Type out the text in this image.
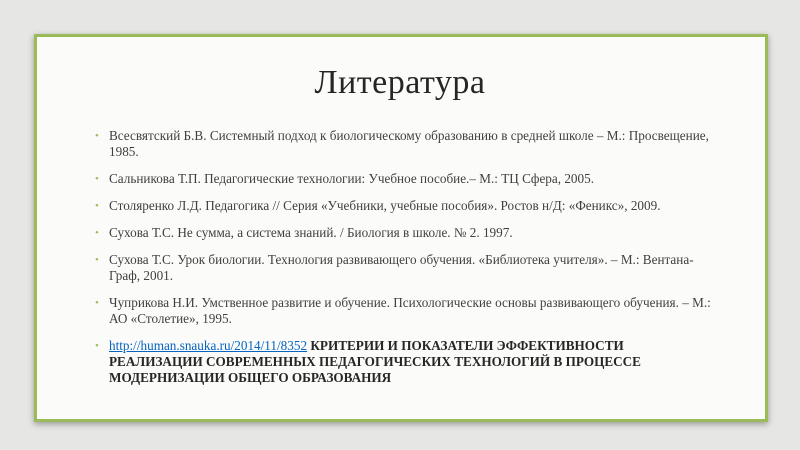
Литература
• Всесвятский Б.В. Системный подход к биологическому образованию в средней школе – М.: Просвещение, 1985.
• Сальникова Т.П. Педагогические технологии: Учебное пособие.– М.: ТЦ Сфера, 2005.
• Столяренко Л.Д. Педагогика // Серия «Учебники, учебные пособия». Ростов н/Д: «Феникс», 2009.
• Сухова Т.С. Не сумма, а система знаний. / Биология в школе. № 2. 1997.
• Сухова Т.С. Урок биологии. Технология развивающего обучения. «Библиотека учителя». – М.: Вентана-Граф, 2001.
• Чуприкова Н.И. Умственное развитие и обучение. Психологические основы развивающего обучения. – М.: АО «Столетие», 1995.
• http://human.snauka.ru/2014/11/8352 КРИТЕРИИ И ПОКАЗАТЕЛИ ЭФФЕКТИВНОСТИ РЕАЛИЗАЦИИ СОВРЕМЕННЫХ ПЕДАГОГИЧЕСКИХ ТЕХНОЛОГИЙ В ПРОЦЕССЕ МОДЕРНИЗАЦИИ ОБЩЕГО ОБРАЗОВАНИЯ
